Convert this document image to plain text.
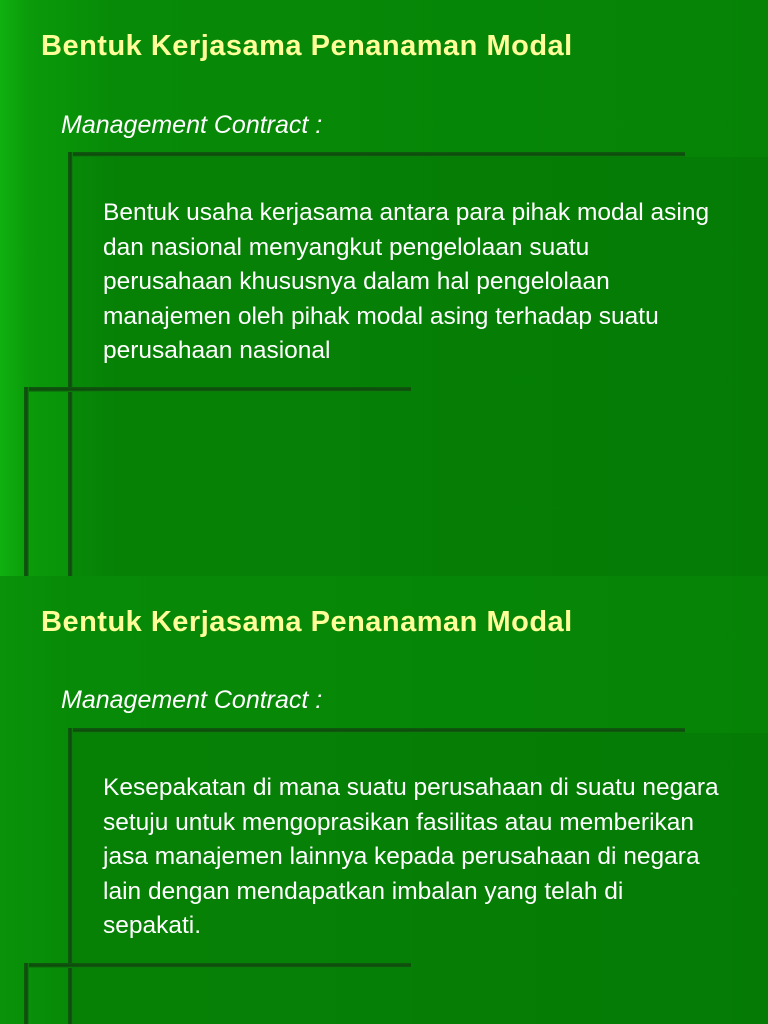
Bentuk Kerjasama Penanaman Modal

Management Contract :

Bentuk usaha kerjasama antara para pihak modal asing dan nasional menyangkut pengelolaan suatu perusahaan khususnya dalam hal pengelolaan manajemen oleh pihak modal asing terhadap suatu perusahaan nasional

Bentuk Kerjasama Penanaman Modal

Management Contract :

Kesepakatan di mana suatu perusahaan di suatu negara setuju untuk mengoprasikan fasilitas atau memberikan jasa manajemen lainnya kepada perusahaan di negara lain dengan mendapatkan imbalan yang telah di sepakati.
